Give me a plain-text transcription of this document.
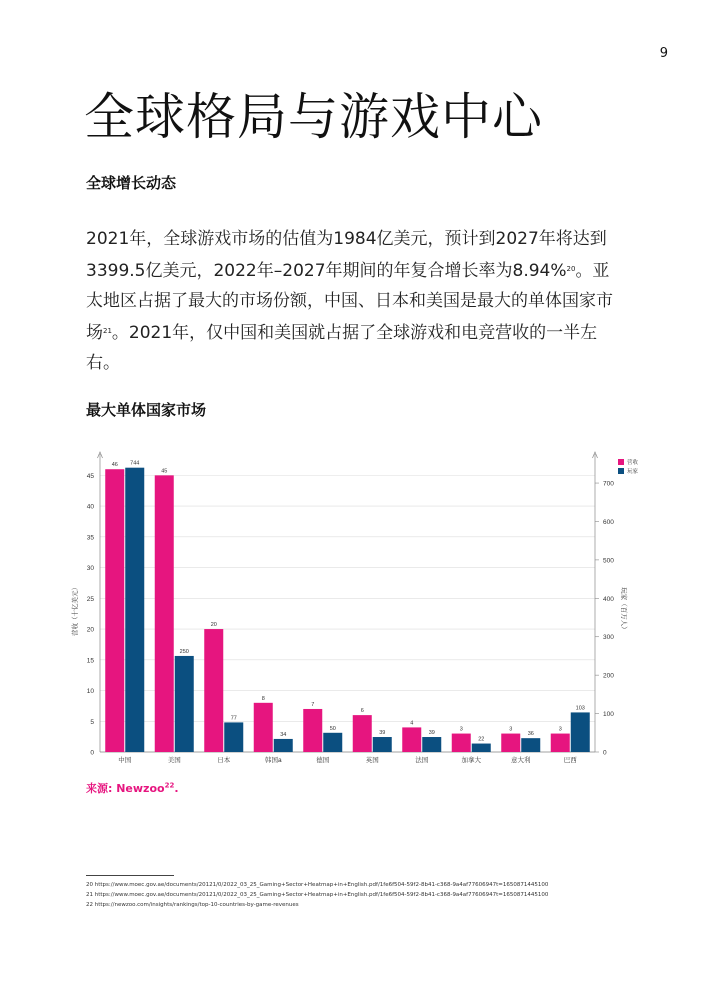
9
全球格局与游戏中心
全球增长动态

2021年，全球游戏市场的估值为1984亿美元，预计到2027年将达到3399.5亿美元，2022年–2027年期间的年复合增长率为8.94%$^{20}$。亚太地区占据了最大的市场份额，中国、日本和美国是最大的单体国家市场$^{21}$。2021年，仅中国和美国就占据了全球游戏和电竞营收的一半左右。

最大单体国家市场
0
5
10
15
20
25
30
35
40
45
0
100
200
300
400
500
600
700
营收（十亿美元）	玩家（百万人）
46 744
中国
45
250
美国
20
77
日本
8
34
韩国a
7
50
德国
6
39
英国
4
39
法国
3
22
加拿大
3
36
意大利
3
103
巴西
营收
玩家
来源: Newzoo$^{22}$.
20 https://www.moec.gov.ae/documents/20121/0/2022_03_25_Gaming+Sector+Heatmap+in+English.pdf/1fe6f504-59f2-8b41-c368-9a4af77606947t=1650871445100
21 https://www.moec.gov.ae/documents/20121/0/2022_03_25_Gaming+Sector+Heatmap+in+English.pdf/1fe6f504-59f2-8b41-c368-9a4af77606947t=1650871445100
22 https://newzoo.com/insights/rankings/top-10-countries-by-game-revenues
